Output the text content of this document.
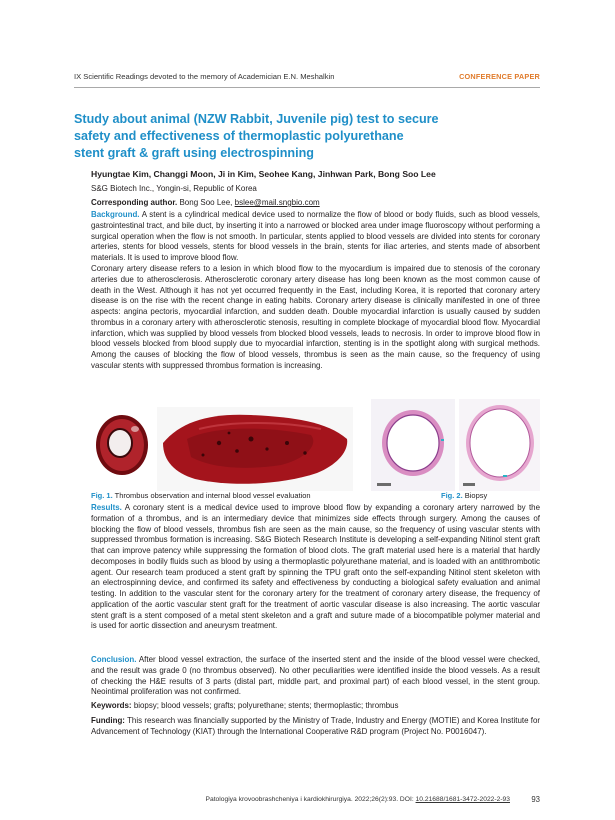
IX Scientific Readings devoted to the memory of Academician E.N. Meshalkin	CONFERENCE PAPER
Study about animal (NZW Rabbit, Juvenile pig) test to secure
safety and effectiveness of thermoplastic polyurethane
stent graft & graft using electrospinning
Hyungtae Kim, Changgi Moon, Ji in Kim, Seohee Kang, Jinhwan Park, Bong Soo Lee
S&G Biotech Inc., Yongin-si, Republic of Korea
Corresponding author. Bong Soo Lee, bslee@mail.sngbio.com

Background. A stent is a cylindrical medical device used to normalize the flow of blood or body fluids, such as blood vessels, gastrointestinal tract, and bile duct, by inserting it into a narrowed or blocked area under image fluoroscopy without performing a surgical operation when the flow is not smooth. In particular, stents applied to blood vessels are divided into stents for coronary arteries, stents for blood vessels, stents for blood vessels in the brain, stents for iliac arteries, and stents made of absorbent materials. It is used to improve blood flow.

Coronary artery disease refers to a lesion in which blood flow to the myocardium is impaired due to stenosis of the coronary arteries due to atherosclerosis. Atherosclerotic coronary artery disease has long been known as the most common cause of death in the West. Although it has not yet occurred frequently in the East, including Korea, it is reported that coronary artery disease is on the rise with the recent change in eating habits. Coronary artery disease is clinically manifested in one of three aspects: angina pectoris, myocardial infarction, and sudden death. Double myocardial infarction is usually caused by sudden thrombus in a coronary artery with atherosclerotic stenosis, resulting in complete blockage of myocardial blood flow. Myocardial infarction, which was supplied by blood vessels from blocked blood vessels, leads to necrosis. In order to improve blood flow in blood vessels blocked from blood supply due to myocardial infarction, stenting is in the spotlight along with surgical methods. Among the causes of blocking the flow of blood vessels, thrombus is seen as the main cause, so the frequency of using vascular stents with suppressed thrombus formation is increasing.

Fig. 1. Thrombus observation and internal blood vessel evaluation	Fig. 2. Biopsy

Results. A coronary stent is a medical device used to improve blood flow by expanding a coronary artery narrowed by the formation of a thrombus, and is an intermediary device that minimizes side effects through surgery. Among the causes of blocking the flow of blood vessels, thrombus fish are seen as the main cause, so the frequency of using vascular stents with suppressed thrombus formation is increasing. S&G Biotech Research Institute is developing a self-expanding Nitinol stent graft that can improve patency while suppressing the formation of blood clots. The graft material used here is a material that hardly decomposes in bodily fluids such as blood by using a thermoplastic polyurethane material, and is loaded with an antithrombotic agent. Our research team produced a stent graft by spinning the TPU graft onto the self-expanding Nitinol stent skeleton with an electrospinning device, and confirmed its safety and effectiveness by conducting a biological safety evaluation and animal testing. In addition to the vascular stent for the coronary artery for the treatment of coronary artery disease, the frequency of application of the aortic vascular stent graft for the treatment of aortic vascular disease is also increasing. The aortic vascular stent graft is a stent composed of a metal stent skeleton and a graft and suture made of a biocompatible polymer material and is used for aortic dissection and aneurysm treatment.

Conclusion. After blood vessel extraction, the surface of the inserted stent and the inside of the blood vessel were checked, and the result was grade 0 (no thrombus observed). No other peculiarities were identified inside the blood vessels. As a result of checking the H&E results of 3 parts (distal part, middle part, and proximal part) of each blood vessel, in the stent group. Neointimal proliferation was not confirmed.

Keywords: biopsy; blood vessels; grafts; polyurethane; stents; thermoplastic; thrombus

Funding: This research was financially supported by the Ministry of Trade, Industry and Energy (MOTIE) and Korea Institute for Advancement of Technology (KIAT) through the International Cooperative R&D program (Project No. P0016047).

Patologiya krovoobrashcheniya i kardiokhirurgiya. 2022;26(2):93. DOI: 10.21688/1681-3472-2022-2-93	93
